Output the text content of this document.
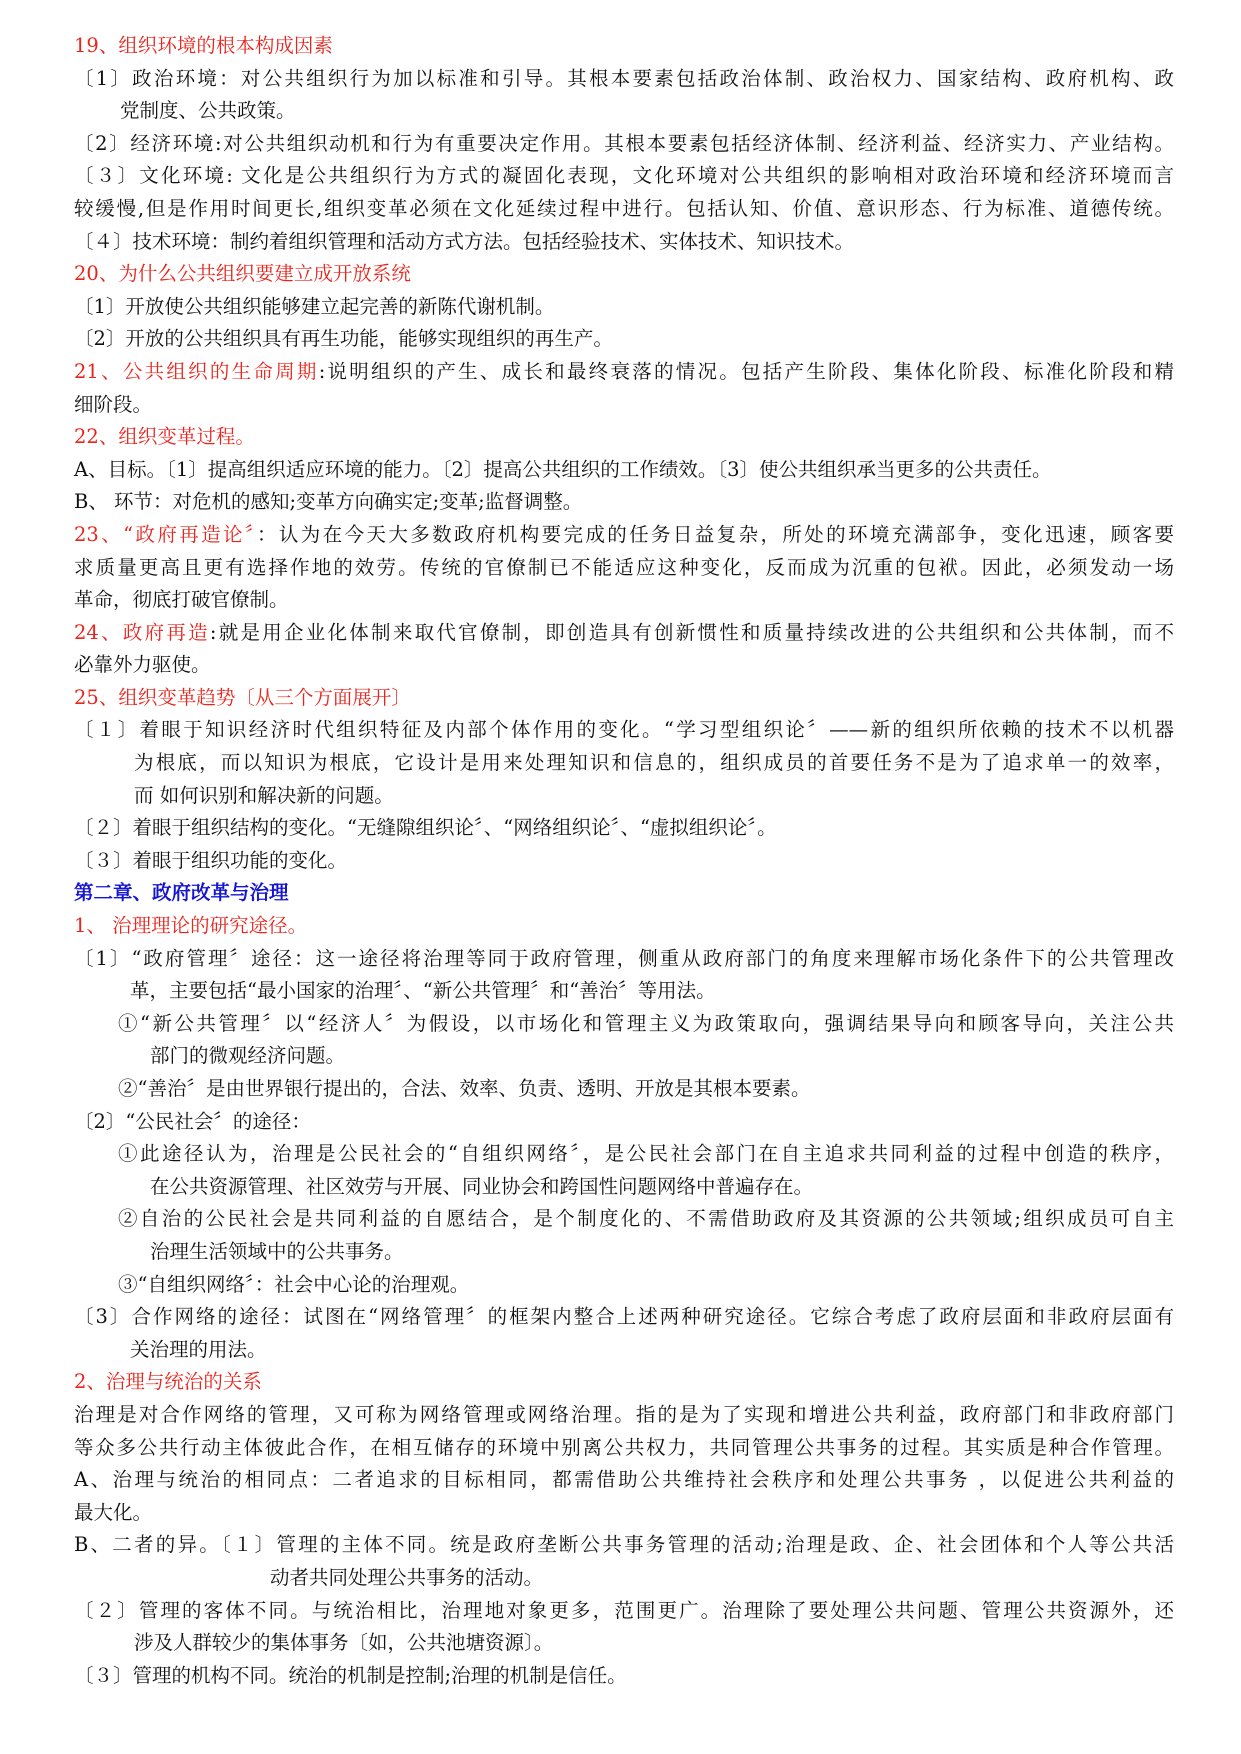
19、组织环境的根本构成因素
〔1〕政治环境：对公共组织行为加以标准和引导。其根本要素包括政治体制、政治权力、国家结构、政府机构、政
党制度、公共政策。
〔2〕经济环境:对公共组织动机和行为有重要决定作用。其根本要素包括经济体制、经济利益、经济实力、产业结构。
〔３〕文化环境: 文化是公共组织行为方式的凝固化表现，文化环境对公共组织的影响相对政治环境和经济环境而言
较缓慢,但是作用时间更长,组织变革必须在文化延续过程中进行。包括认知、价值、意识形态、行为标准、道德传统。
〔４〕技术环境：制约着组织管理和活动方式方法。包括经验技术、实体技术、知识技术。
20、为什么公共组织要建立成开放系统
〔1〕开放使公共组织能够建立起完善的新陈代谢机制。
〔2〕开放的公共组织具有再生功能，能够实现组织的再生产。
21、公共组织的生命周期:说明组织的产生、成长和最终衰落的情况。包括产生阶段、集体化阶段、标准化阶段和精
细阶段。
22、组织变革过程。
A、目标。〔1〕提高组织适应环境的能力。〔2〕提高公共组织的工作绩效。〔3〕使公共组织承当更多的公共责任。
B、 环节：对危机的感知;变革方向确实定;变革;监督调整。
23、“政府再造论〞：认为在今天大多数政府机构要完成的任务日益复杂，所处的环境充满部争，变化迅速，顾客要
求质量更高且更有选择作地的效劳。传统的官僚制已不能适应这种变化，反而成为沉重的包袱。因此，必须发动一场
革命，彻底打破官僚制。
24、政府再造:就是用企业化体制来取代官僚制，即创造具有创新惯性和质量持续改进的公共组织和公共体制，而不
必靠外力驱使。
25、组织变革趋势〔从三个方面展开〕
〔１〕着眼于知识经济时代组织特征及内部个体作用的变化。“学习型组织论〞——新的组织所依赖的技术不以机器
为根底，而以知识为根底，它设计是用来处理知识和信息的，组织成员的首要任务不是为了追求单一的效率，
而 如何识别和解决新的问题。
〔２〕着眼于组织结构的变化。“无缝隙组织论〞、“网络组织论〞、“虚拟组织论〞。
〔３〕着眼于组织功能的变化。
第二章、政府改革与治理
1、 治理理论的研究途径。
〔1〕“政府管理〞途径：这一途径将治理等同于政府管理，侧重从政府部门的角度来理解市场化条件下的公共管理改
革，主要包括“最小国家的治理〞、“新公共管理〞和“善治〞等用法。
①“新公共管理〞以“经济人〞为假设，以市场化和管理主义为政策取向，强调结果导向和顾客导向，关注公共
部门的微观经济问题。
②“善治〞是由世界银行提出的，合法、效率、负责、透明、开放是其根本要素。
〔2〕“公民社会〞的途径：
①此途径认为，治理是公民社会的“自组织网络〞，是公民社会部门在自主追求共同利益的过程中创造的秩序，
在公共资源管理、社区效劳与开展、同业协会和跨国性问题网络中普遍存在。
②自治的公民社会是共同利益的自愿结合，是个制度化的、不需借助政府及其资源的公共领域;组织成员可自主
治理生活领域中的公共事务。
③“自组织网络〞：社会中心论的治理观。
〔3〕合作网络的途径：试图在“网络管理〞的框架内整合上述两种研究途径。它综合考虑了政府层面和非政府层面有
关治理的用法。
2、治理与统治的关系
治理是对合作网络的管理，又可称为网络管理或网络治理。指的是为了实现和增进公共利益，政府部门和非政府部门
等众多公共行动主体彼此合作，在相互储存的环境中别离公共权力，共同管理公共事务的过程。其实质是种合作管理。
A、治理与统治的相同点：二者追求的目标相同，都需借助公共维持社会秩序和处理公共事务 ，以促进公共利益的
最大化。
B、二者的异。〔１〕管理的主体不同。统是政府垄断公共事务管理的活动;治理是政、企、社会团体和个人等公共活
动者共同处理公共事务的活动。
〔２〕管理的客体不同。与统治相比，治理地对象更多，范围更广。治理除了要处理公共问题、管理公共资源外，还
涉及人群较少的集体事务〔如，公共池塘资源〕。
〔３〕管理的机构不同。统治的机制是控制;治理的机制是信任。
